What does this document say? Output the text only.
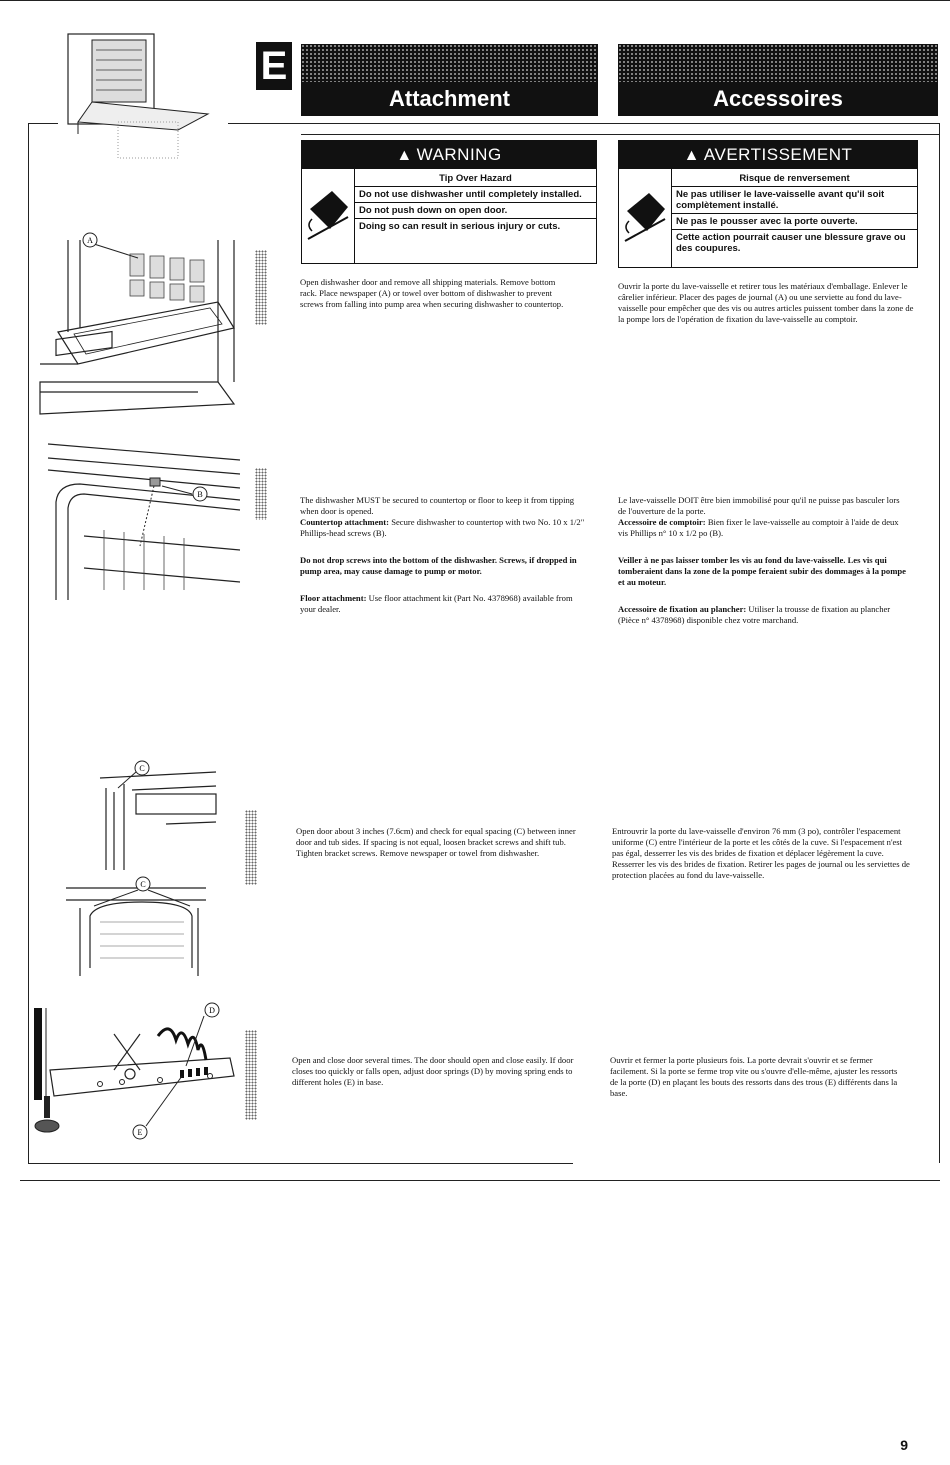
E
Attachment	Accessoires
▲ WARNING
Tip Over Hazard
Do not use dishwasher until completely installed.
Do not push down on open door.
Doing so can result in serious injury or cuts.
▲ AVERTISSEMENT
Risque de renversement
Ne pas utiliser le lave-vaisselle avant qu'il soit complètement installé.
Ne pas le pousser avec la porte ouverte.
Cette action pourrait causer une blessure grave ou des coupures.
A
Open dishwasher door and remove all shipping materials. Remove bottom rack. Place newspaper (A) or towel over bottom of dishwasher to prevent screws from falling into pump area when securing dishwasher to countertop.
Ouvrir la porte du lave-vaisselle et retirer tous les matériaux d'emballage. Enlever le cârelier inférieur. Placer des pages de journal (A) ou une serviette au fond du lave-vaisselle pour empêcher que des vis ou autres articles puissent tomber dans la zone de la pompe lors de l'opération de fixation du lave-vaisselle au comptoir.
B
The dishwasher MUST be secured to countertop or floor to keep it from tipping when door is opened.
Countertop attachment: Secure dishwasher to countertop with two No. 10 x 1/2" Phillips-head screws (B).
Do not drop screws into the bottom of the dishwasher. Screws, if dropped in pump area, may cause damage to pump or motor.
Floor attachment: Use floor attachment kit (Part No. 4378968) available from your dealer.
Le lave-vaisselle DOIT être bien immobilisé pour qu'il ne puisse pas basculer lors de l'ouverture de la porte.
Accessoire de comptoir: Bien fixer le lave-vaisselle au comptoir à l'aide de deux vis Phillips n° 10 x 1/2 po (B).
Veiller à ne pas laisser tomber les vis au fond du lave-vaisselle. Les vis qui tomberaient dans la zone de la pompe feraient subir des dommages à la pompe et au moteur.
Accessoire de fixation au plancher: Utiliser la trousse de fixation au plancher (Pièce n° 4378968) disponible chez votre marchand.
C
C
Open door about 3 inches (7.6cm) and check for equal spacing (C) between inner door and tub sides. If spacing is not equal, loosen bracket screws and shift tub. Tighten bracket screws. Remove newspaper or towel from dishwasher.
Entrouvrir la porte du lave-vaisselle d'environ 76 mm (3 po), contrôler l'espacement uniforme (C) entre l'intérieur de la porte et les côtés de la cuve. Si l'espacement n'est pas égal, desserrer les vis des brides de fixation et déplacer légèrement la cuve. Resserrer les vis des brides de fixation. Retirer les pages de journal ou les serviettes de protection placées au fond du lave-vaisselle.
D
E
Open and close door several times. The door should open and close easily. If door closes too quickly or falls open, adjust door springs (D) by moving spring ends to different holes (E) in base.
Ouvrir et fermer la porte plusieurs fois. La porte devrait s'ouvrir et se fermer facilement. Si la porte se ferme trop vite ou s'ouvre d'elle-même, ajuster les ressorts de la porte (D) en plaçant les bouts des ressorts dans des trous (E) différents dans la base.
9
